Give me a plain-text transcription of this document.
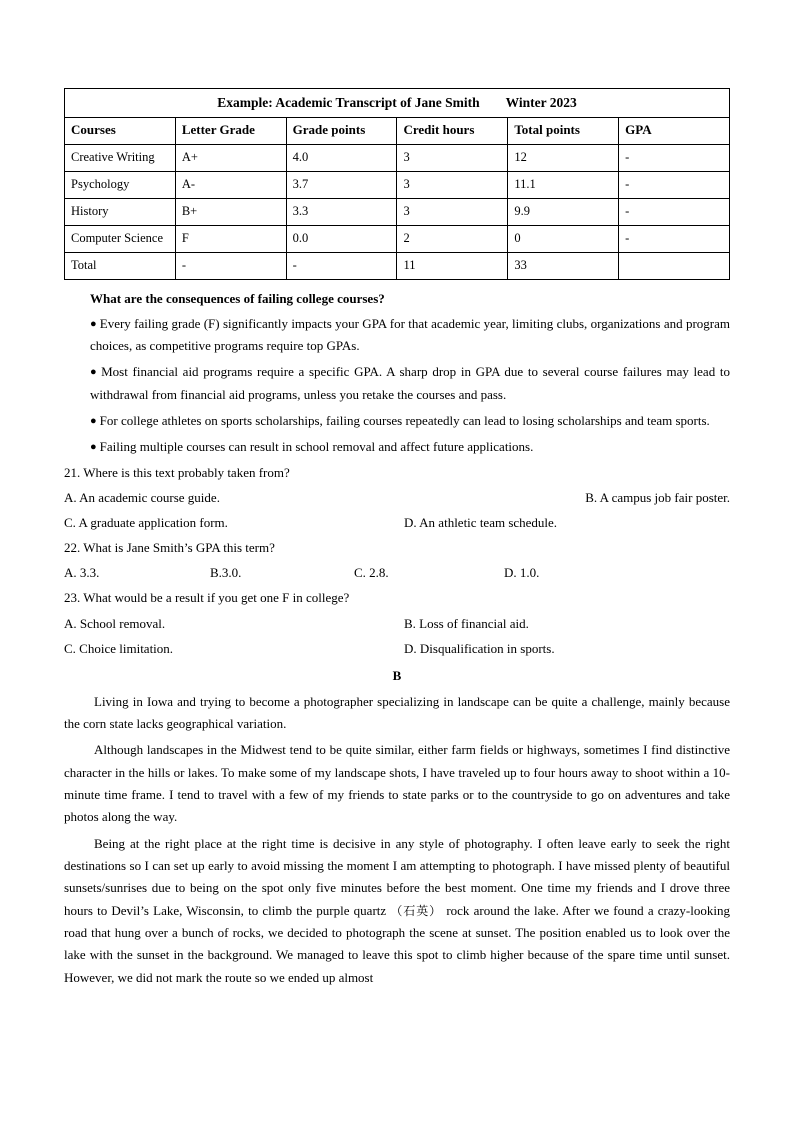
Example: Academic Transcript of Jane Smith Winter 2023					
Courses	Letter Grade	Grade points	Credit hours	Total points	GPA
Creative Writing	A+	4.0	3	12	-
Psychology	A-	3.7	3	11.1	-
History	B+	3.3	3	9.9	-
Computer Science	F	0.0	2	0	-
Total	-	-	11	33	
What are the consequences of failing college courses?

● Every failing grade (F) significantly impacts your GPA for that academic year, limiting clubs, organizations and program choices, as competitive programs require top GPAs.

● Most financial aid programs require a specific GPA. A sharp drop in GPA due to several course failures may lead to withdrawal from financial aid programs, unless you retake the courses and pass.

● For college athletes on sports scholarships, failing courses repeatedly can lead to losing scholarships and team sports.

● Failing multiple courses can result in school removal and affect future applications.

21. Where is this text probably taken from?

A. An academic course guide.	B. A campus job fair poster.
C. A graduate application form.	D. An athletic team schedule.

22. What is Jane Smith’s GPA this term?

A. 3.3.	B.3.0.	C. 2.8.	D. 1.0.

23. What would be a result if you get one F in college?

A. School removal.	B. Loss of financial aid.
C. Choice limitation.	D. Disqualification in sports.
B

Living in Iowa and trying to become a photographer specializing in landscape can be quite a challenge, mainly because the corn state lacks geographical variation.

Although landscapes in the Midwest tend to be quite similar, either farm fields or highways, sometimes I find distinctive character in the hills or lakes. To make some of my landscape shots, I have traveled up to four hours away to shoot within a 10-minute time frame. I tend to travel with a few of my friends to state parks or to the countryside to go on adventures and take photos along the way.

Being at the right place at the right time is decisive in any style of photography. I often leave early to seek the right destinations so I can set up early to avoid missing the moment I am attempting to photograph. I have missed plenty of beautiful sunsets/sunrises due to being on the spot only five minutes before the best moment. One time my friends and I drove three hours to Devil’s Lake, Wisconsin, to climb the purple quartz （石英） rock around the lake. After we found a crazy-looking road that hung over a bunch of rocks, we decided to photograph the scene at sunset. The position enabled us to look over the lake with the sunset in the background. We managed to leave this spot to climb higher because of the spare time until sunset. However, we did not mark the route so we ended up almost
